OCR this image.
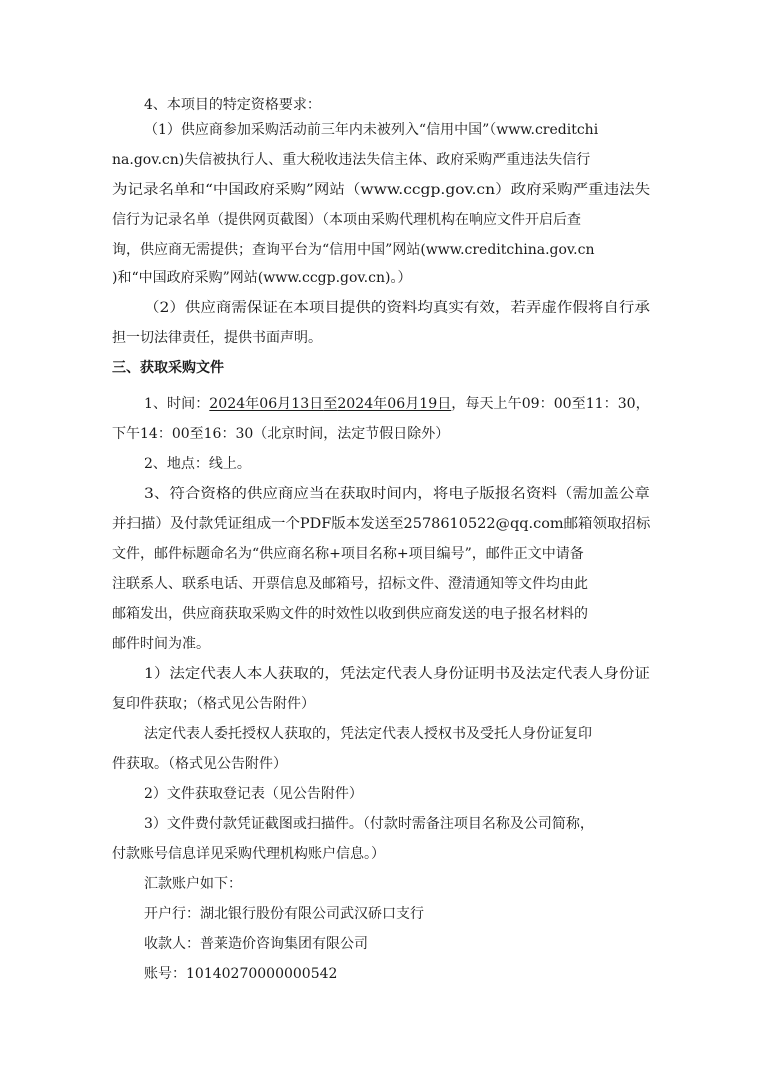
4、本项目的特定资格要求：
（1）供应商参加采购活动前三年内未被列入“信用中国”（www.creditchi
na.gov.cn)失信被执行人、重大税收违法失信主体、政府采购严重违法失信行
为记录名单和“中国政府采购”网站（www.ccgp.gov.cn）政府采购严重违法失
信行为记录名单（提供网页截图）（本项由采购代理机构在响应文件开启后查
询，供应商无需提供；查询平台为“信用中国”网站(www.creditchina.gov.cn
)和“中国政府采购”网站(www.ccgp.gov.cn)。）
（2）供应商需保证在本项目提供的资料均真实有效，若弄虚作假将自行承
担一切法律责任，提供书面声明。
三、获取采购文件
1、时间：2024年06月13日至2024年06月19日，每天上午09：00至11：30，
下午14：00至16：30（北京时间，法定节假日除外）
2、地点：线上。
3、符合资格的供应商应当在获取时间内，将电子版报名资料（需加盖公章
并扫描）及付款凭证组成一个PDF版本发送至2578610522@qq.com邮箱领取招标
文件，邮件标题命名为“供应商名称+项目名称+项目编号”，邮件正文中请备
注联系人、联系电话、开票信息及邮箱号，招标文件、澄清通知等文件均由此
邮箱发出，供应商获取采购文件的时效性以收到供应商发送的电子报名材料的
邮件时间为准。
1）法定代表人本人获取的，凭法定代表人身份证明书及法定代表人身份证
复印件获取；（格式见公告附件）
法定代表人委托授权人获取的，凭法定代表人授权书及受托人身份证复印
件获取。（格式见公告附件）
2）文件获取登记表（见公告附件）
3）文件费付款凭证截图或扫描件。（付款时需备注项目名称及公司简称，
付款账号信息详见采购代理机构账户信息。）
汇款账户如下：
开户行：湖北银行股份有限公司武汉硚口支行
收款人：普莱造价咨询集团有限公司
账号：10140270000000542
